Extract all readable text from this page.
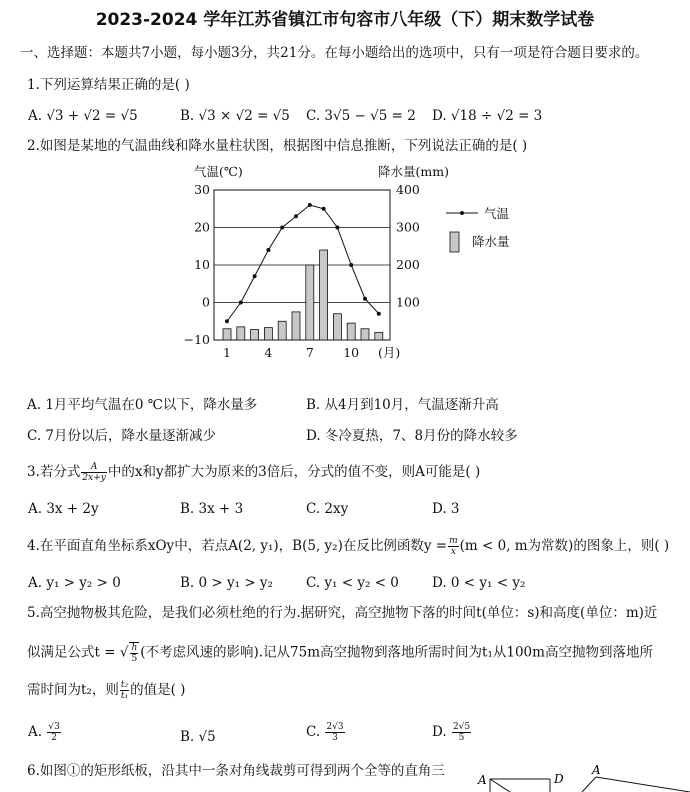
2023-2024 学年江苏省镇江市句容市八年级（下）期末数学试卷
一、选择题：本题共7小题，每小题3分，共21分。在每小题给出的选项中，只有一项是符合题目要求的。
1.下列运算结果正确的是( )
A. √3 + √2 = √5	B. √3 × √2 = √5 C. 3√5 − √5 = 2 D. √18 ÷ √2 = 3
2.如图是某地的气温曲线和降水量柱状图，根据图中信息推断，下列说法正确的是( )
30
20
10
0
−10
400
300
200
100
气温(℃)	降水量(mm)
1	4	7 10 (月)
气温
降水量
A. 1月平均气温在0 ℃以下，降水量多	B. 从4月到10月，气温逐渐升高
C. 7月份以后，降水量逐渐减少	D. 冬冷夏热，7、8月份的降水较多
3.若分式 $\frac{A}{2x+y}$ 中的x和y都扩大为原来的3倍后，分式的值不变，则A可能是( )
A. 3x + 2y	B. 3x + 3	C. 2xy	D. 3
4.在平面直角坐标系xOy中，若点A(2, y₁)，B(5, y₂)在反比例函数$y = \frac{m}{x} (m < 0$, m为常数)的图象上，则( )
A. y₁ > y₂ > 0	B. 0 > y₁ > y₂ C. y₁ < y₂ < 0 D. 0 < y₁ < y₂
5.高空抛物极其危险，是我们必须杜绝的行为.据研究，高空抛物下落的时间t(单位：s)和高度(单位：m)近
似满足公式t = √ $\frac{h}{5}$ (不考虑风速的影响).记从75m高空抛物到落地所需时间为t₁从100m高空抛物到落地所
需时间为t₂，则 $\frac{\text{t₂}}{\text{t₁}}$ 的值是( )
A. $\frac{√3}{2}$	B. √5	C. $\frac{2√3}{3}$	D. $\frac{2√5}{5}$
6.如图①的矩形纸板，沿其中一条对角线裁剪可得到两个全等的直角三
A	D
A
